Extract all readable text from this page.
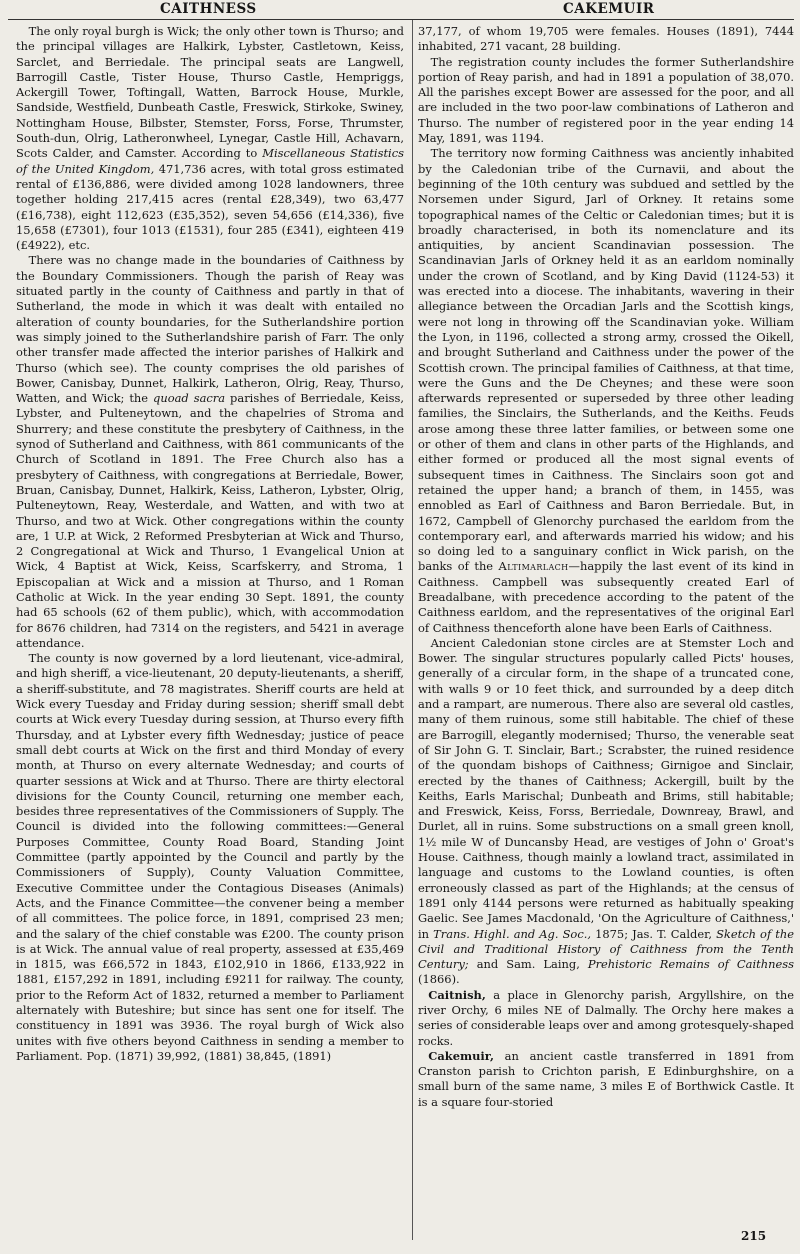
CAITHNESS	CAKEMUIR

The only royal burgh is Wick; the only other town is Thurso; and the principal villages are Halkirk, Lybster, Castletown, Keiss, Sarclet, and Berriedale. The principal seats are Langwell, Barrogill Castle, Tister House, Thurso Castle, Hempriggs, Ackergill Tower, Toftingall, Watten, Barrock House, Murkle, Sandside, Westfield, Dunbeath Castle, Freswick, Stirkoke, Swiney, Nottingham House, Bilbster, Stemster, Forss, Forse, Thrumster, South-dun, Olrig, Latheronwheel, Lynegar, Castle Hill, Achavarn, Scots Calder, and Camster. According to Miscellaneous Statistics of the United Kingdom, 471,736 acres, with total gross estimated rental of £136,886, were divided among 1028 landowners, three together holding 217,415 acres (rental £28,349), two 63,477 (£16,738), eight 112,623 (£35,352), seven 54,656 (£14,336), five 15,658 (£7301), four 1013 (£1531), four 285 (£341), eighteen 419 (£4922), etc.

There was no change made in the boundaries of Caithness by the Boundary Commissioners. Though the parish of Reay was situated partly in the county of Caithness and partly in that of Sutherland, the mode in which it was dealt with entailed no alteration of county boundaries, for the Sutherlandshire portion was simply joined to the Sutherlandshire parish of Farr. The only other transfer made affected the interior parishes of Halkirk and Thurso (which see). The county comprises the old parishes of Bower, Canisbay, Dunnet, Halkirk, Latheron, Olrig, Reay, Thurso, Watten, and Wick; the quoad sacra parishes of Berriedale, Keiss, Lybster, and Pulteneytown, and the chapelries of Stroma and Shurrery; and these constitute the presbytery of Caithness, in the synod of Sutherland and Caithness, with 861 communicants of the Church of Scotland in 1891. The Free Church also has a presbytery of Caithness, with congregations at Berriedale, Bower, Bruan, Canisbay, Dunnet, Halkirk, Keiss, Latheron, Lybster, Olrig, Pulteneytown, Reay, Westerdale, and Watten, and with two at Thurso, and two at Wick. Other congregations within the county are, 1 U.P. at Wick, 2 Reformed Presbyterian at Wick and Thurso, 2 Congregational at Wick and Thurso, 1 Evangelical Union at Wick, 4 Baptist at Wick, Keiss, Scarfskerry, and Stroma, 1 Episcopalian at Wick and a mission at Thurso, and 1 Roman Catholic at Wick. In the year ending 30 Sept. 1891, the county had 65 schools (62 of them public), which, with accommodation for 8676 children, had 7314 on the registers, and 5421 in average attendance.

The county is now governed by a lord lieutenant, vice-admiral, and high sheriff, a vice-lieutenant, 20 deputy-lieutenants, a sheriff, a sheriff-substitute, and 78 magistrates. Sheriff courts are held at Wick every Tuesday and Friday during session; sheriff small debt courts at Wick every Tuesday during session, at Thurso every fifth Thursday, and at Lybster every fifth Wednesday; justice of peace small debt courts at Wick on the first and third Monday of every month, at Thurso on every alternate Wednesday; and courts of quarter sessions at Wick and at Thurso. There are thirty electoral divisions for the County Council, returning one member each, besides three representatives of the Commissioners of Supply. The Council is divided into the following committees:—General Purposes Committee, County Road Board, Standing Joint Committee (partly appointed by the Council and partly by the Commissioners of Supply), County Valuation Committee, Executive Committee under the Contagious Diseases (Animals) Acts, and the Finance Committee—the convener being a member of all committees. The police force, in 1891, comprised 23 men; and the salary of the chief constable was £200. The county prison is at Wick. The annual value of real property, assessed at £35,469 in 1815, was £66,572 in 1843, £102,910 in 1866, £133,922 in 1881, £157,292 in 1891, including £9211 for railway. The county, prior to the Reform Act of 1832, returned a member to Parliament alternately with Buteshire; but since has sent one for itself. The constituency in 1891 was 3936. The royal burgh of Wick also unites with five others beyond Caithness in sending a member to Parliament. Pop. (1871) 39,992, (1881) 38,845, (1891)

37,177, of whom 19,705 were females. Houses (1891), 7444 inhabited, 271 vacant, 28 building.

The registration county includes the former Sutherlandshire portion of Reay parish, and had in 1891 a population of 38,070. All the parishes except Bower are assessed for the poor, and all are included in the two poor-law combinations of Latheron and Thurso. The number of registered poor in the year ending 14 May, 1891, was 1194.

The territory now forming Caithness was anciently inhabited by the Caledonian tribe of the Curnavii, and about the beginning of the 10th century was subdued and settled by the Norsemen under Sigurd, Jarl of Orkney. It retains some topographical names of the Celtic or Caledonian times; but it is broadly characterised, in both its nomenclature and its antiquities, by ancient Scandinavian possession. The Scandinavian Jarls of Orkney held it as an earldom nominally under the crown of Scotland, and by King David (1124-53) it was erected into a diocese. The inhabitants, wavering in their allegiance between the Orcadian Jarls and the Scottish kings, were not long in throwing off the Scandinavian yoke. William the Lyon, in 1196, collected a strong army, crossed the Oikell, and brought Sutherland and Caithness under the power of the Scottish crown. The principal families of Caithness, at that time, were the Guns and the De Cheynes; and these were soon afterwards represented or superseded by three other leading families, the Sinclairs, the Sutherlands, and the Keiths. Feuds arose among these three latter families, or between some one or other of them and clans in other parts of the Highlands, and either formed or produced all the most signal events of subsequent times in Caithness. The Sinclairs soon got and retained the upper hand; a branch of them, in 1455, was ennobled as Earl of Caithness and Baron Berriedale. But, in 1672, Campbell of Glenorchy purchased the earldom from the contemporary earl, and afterwards married his widow; and his so doing led to a sanguinary conflict in Wick parish, on the banks of the Altimarlach—happily the last event of its kind in Caithness. Campbell was subsequently created Earl of Breadalbane, with precedence according to the patent of the Caithness earldom, and the representatives of the original Earl of Caithness thenceforth alone have been Earls of Caithness.

Ancient Caledonian stone circles are at Stemster Loch and Bower. The singular structures popularly called Picts' houses, generally of a circular form, in the shape of a truncated cone, with walls 9 or 10 feet thick, and surrounded by a deep ditch and a rampart, are numerous. There also are several old castles, many of them ruinous, some still habitable. The chief of these are Barrogill, elegantly modernised; Thurso, the venerable seat of Sir John G. T. Sinclair, Bart.; Scrabster, the ruined residence of the quondam bishops of Caithness; Girnigoe and Sinclair, erected by the thanes of Caithness; Ackergill, built by the Keiths, Earls Marischal; Dunbeath and Brims, still habitable; and Freswick, Keiss, Forss, Berriedale, Downreay, Brawl, and Durlet, all in ruins. Some substructions on a small green knoll, 1½ mile W of Duncansby Head, are vestiges of John o' Groat's House. Caithness, though mainly a lowland tract, assimilated in language and customs to the Lowland counties, is often erroneously classed as part of the Highlands; at the census of 1891 only 4144 persons were returned as habitually speaking Gaelic. See James Macdonald, 'On the Agriculture of Caithness,' in Trans. Highl. and Ag. Soc., 1875; Jas. T. Calder, Sketch of the Civil and Traditional History of Caithness from the Tenth Century; and Sam. Laing, Prehistoric Remains of Caithness (1866).

Caitnish, a place in Glenorchy parish, Argyllshire, on the river Orchy, 6 miles NE of Dalmally. The Orchy here makes a series of considerable leaps over and among grotesquely-shaped rocks.

Cakemuir, an ancient castle transferred in 1891 from Cranston parish to Crichton parish, E Edinburghshire, on a small burn of the same name, 3 miles E of Borthwick Castle. It is a square four-storied

215
